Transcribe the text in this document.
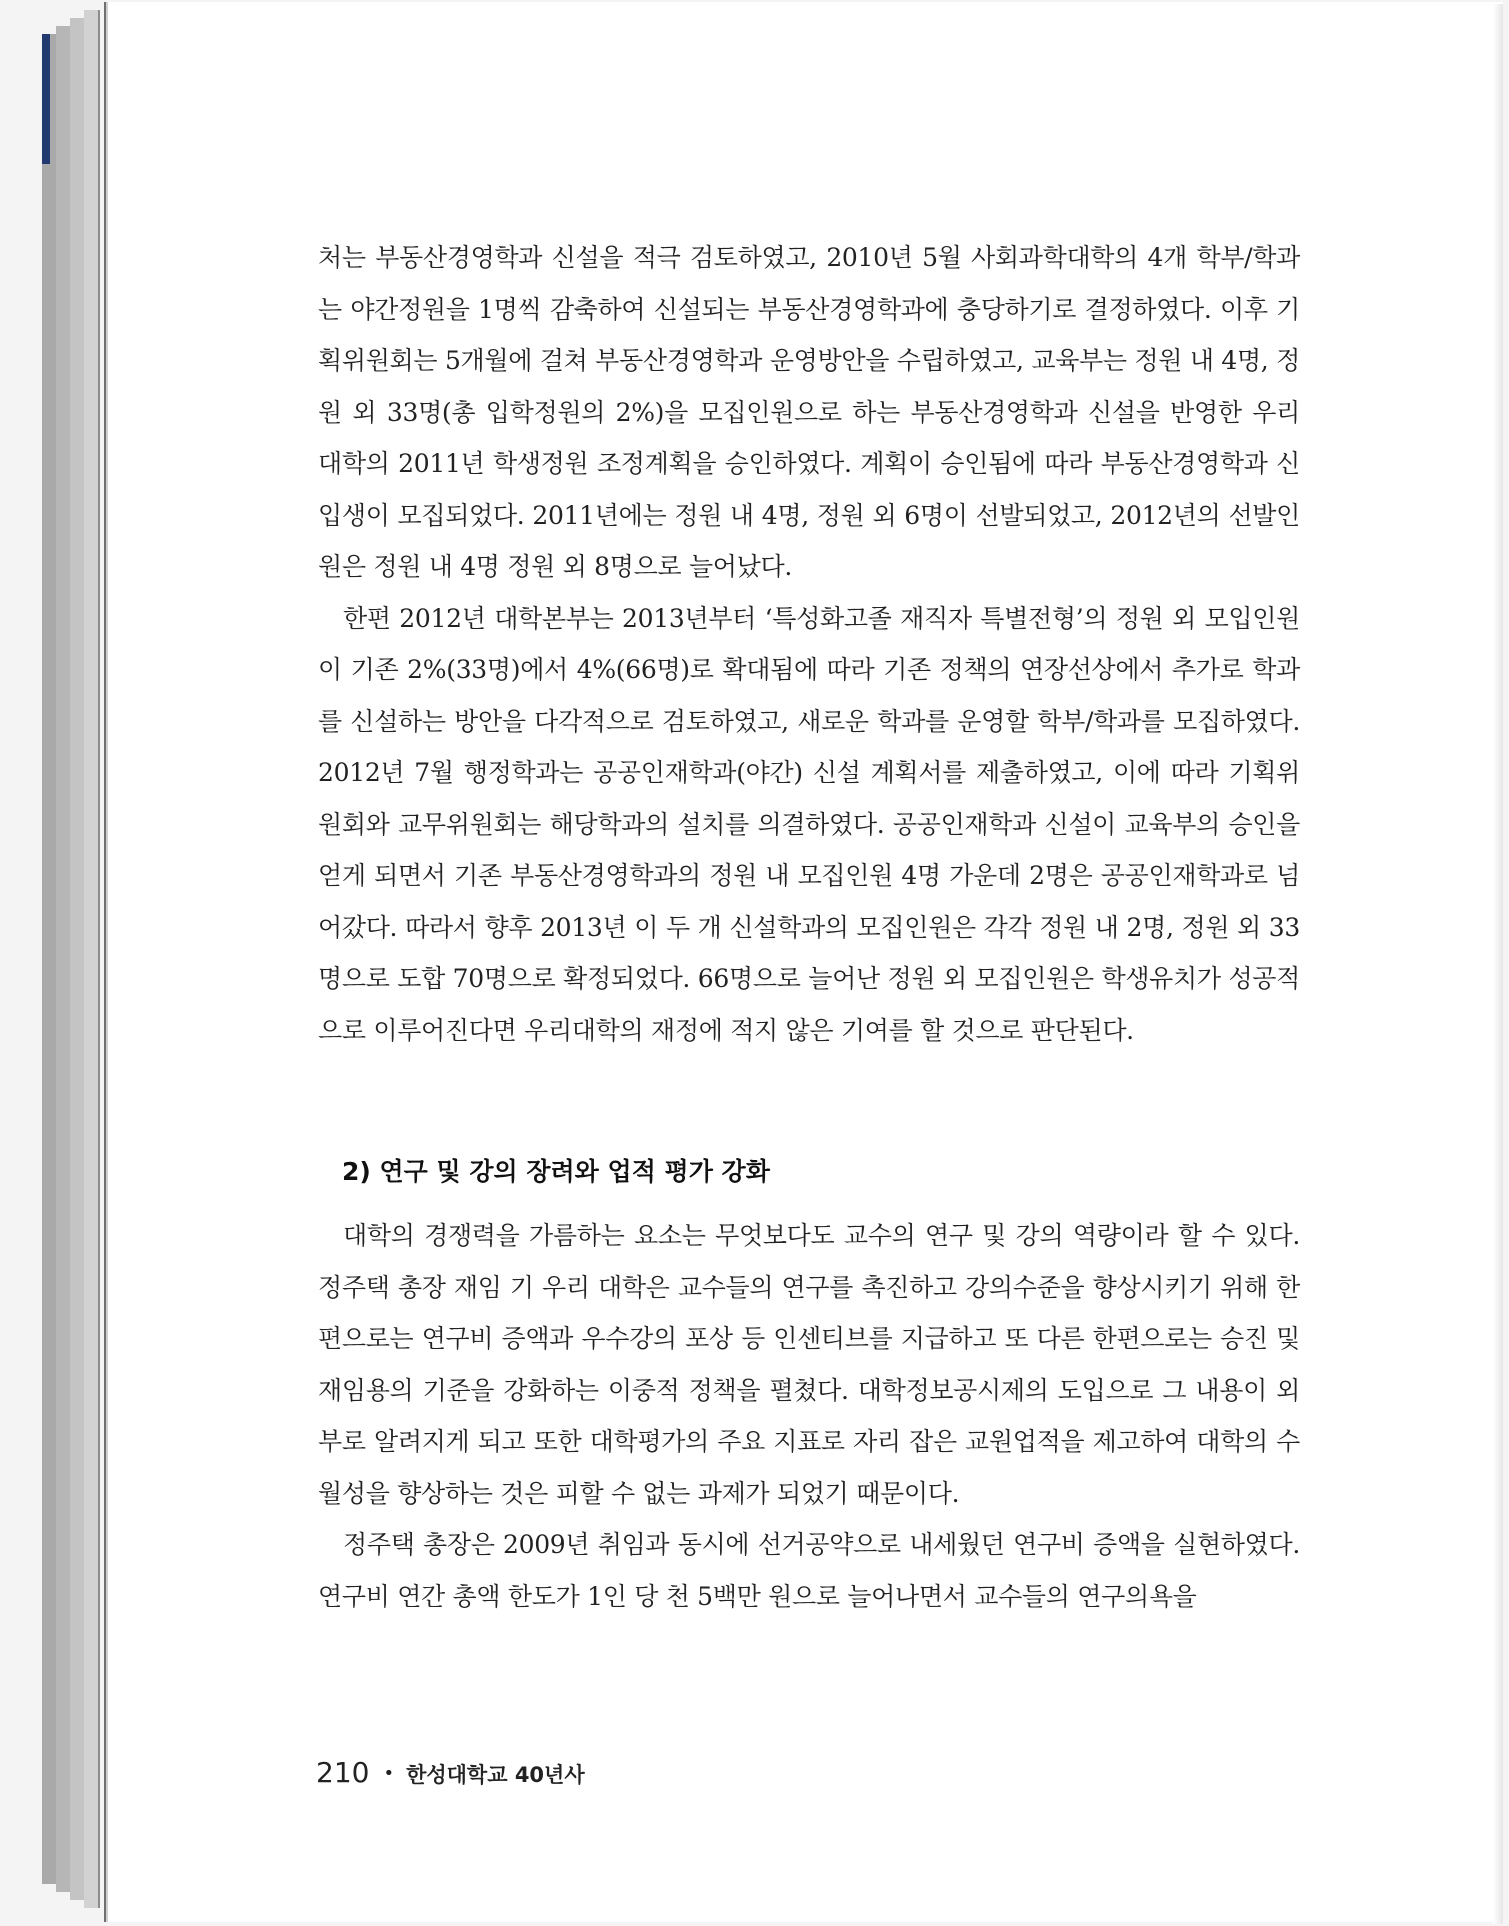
처는 부동산경영학과 신설을 적극 검토하였고, 2010년 5월 사회과학대학의 4개 학부/학과는 야간정원을 1명씩 감축하여 신설되는 부동산경영학과에 충당하기로 결정하였다. 이후 기획위원회는 5개월에 걸쳐 부동산경영학과 운영방안을 수립하였고, 교육부는 정원 내 4명, 정원 외 33명(총 입학정원의 2%)을 모집인원으로 하는 부동산경영학과 신설을 반영한 우리 대학의 2011년 학생정원 조정계획을 승인하였다. 계획이 승인됨에 따라 부동산경영학과 신입생이 모집되었다. 2011년에는 정원 내 4명, 정원 외 6명이 선발되었고, 2012년의 선발인원은 정원 내 4명 정원 외 8명으로 늘어났다.

한편 2012년 대학본부는 2013년부터 ‘특성화고졸 재직자 특별전형’의 정원 외 모입인원이 기존 2%(33명)에서 4%(66명)로 확대됨에 따라 기존 정책의 연장선상에서 추가로 학과를 신설하는 방안을 다각적으로 검토하였고, 새로운 학과를 운영할 학부/학과를 모집하였다. 2012년 7월 행정학과는 공공인재학과(야간) 신설 계획서를 제출하였고, 이에 따라 기획위원회와 교무위원회는 해당학과의 설치를 의결하였다. 공공인재학과 신설이 교육부의 승인을 얻게 되면서 기존 부동산경영학과의 정원 내 모집인원 4명 가운데 2명은 공공인재학과로 넘어갔다. 따라서 향후 2013년 이 두 개 신설학과의 모집인원은 각각 정원 내 2명, 정원 외 33명으로 도합 70명으로 확정되었다. 66명으로 늘어난 정원 외 모집인원은 학생유치가 성공적으로 이루어진다면 우리대학의 재정에 적지 않은 기여를 할 것으로 판단된다.

2) 연구 및 강의 장려와 업적 평가 강화

대학의 경쟁력을 가름하는 요소는 무엇보다도 교수의 연구 및 강의 역량이라 할 수 있다. 정주택 총장 재임 기 우리 대학은 교수들의 연구를 촉진하고 강의수준을 향상시키기 위해 한편으로는 연구비 증액과 우수강의 포상 등 인센티브를 지급하고 또 다른 한편으로는 승진 및 재임용의 기준을 강화하는 이중적 정책을 펼쳤다. 대학정보공시제의 도입으로 그 내용이 외부로 알려지게 되고 또한 대학평가의 주요 지표로 자리 잡은 교원업적을 제고하여 대학의 수월성을 향상하는 것은 피할 수 없는 과제가 되었기 때문이다.

정주택 총장은 2009년 취임과 동시에 선거공약으로 내세웠던 연구비 증액을 실현하였다. 연구비 연간 총액 한도가 1인 당 천 5백만 원으로 늘어나면서 교수들의 연구의욕을

210 • 한성대학교 40년사
